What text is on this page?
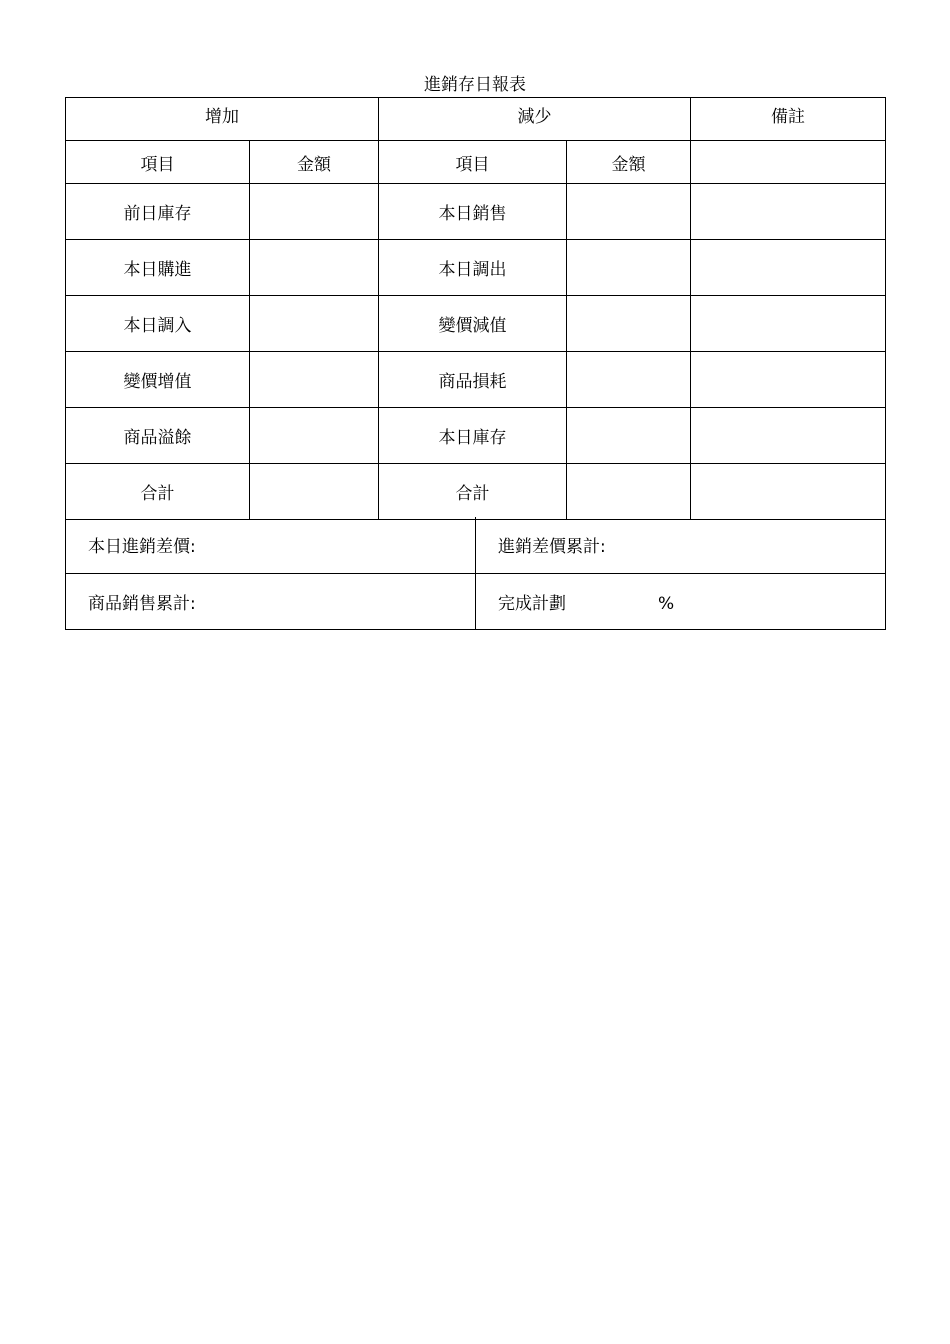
進銷存日報表
增加		減少		備註
項目	金額	項目	金額	
前日庫存		本日銷售		
本日購進		本日調出		
本日調入		變價減值		
變價增值		商品損耗		
商品溢餘		本日庫存		
合計		合計		
本日進銷差價:	進銷差價累計:
商品銷售累計:	完成計劃 %
